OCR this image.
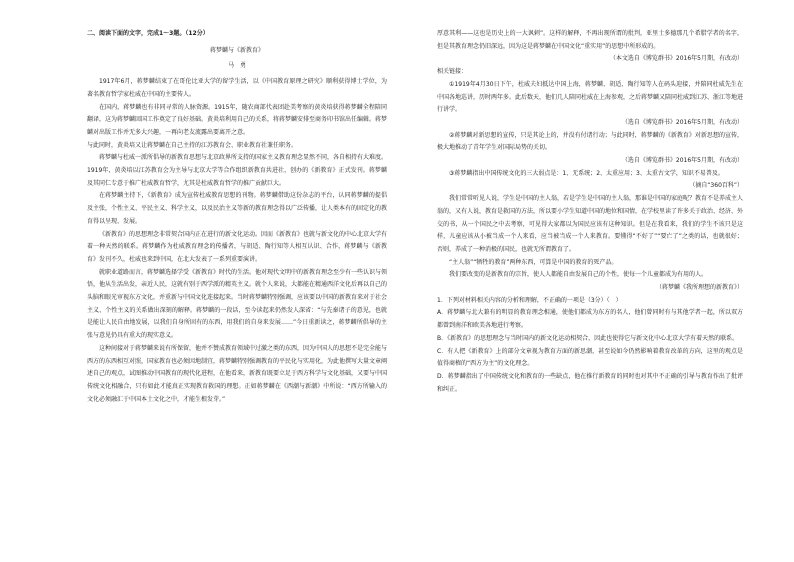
二、阅读下面的文字，完成1～3题。（12分）

蒋梦麟与《新教育》

马　勇

1917年6月，蒋梦麟结束了在哥伦比亚大学的留学生活，以《中国教育原理之研究》顺利获得博士学位，为著名教育哲学家杜威在中国的主要传人。

在国内，蒋梦麟也有非同寻常的人脉资源。1915年，随农商部代表团赴美考察的黄炎培获得蒋梦麟全程陪同翻译，这为蒋梦麟回国工作奠定了良好基础。黄炎培利用自己的关系，将蒋梦麟安排至商务印书馆出任编辑。蒋梦麟对出版工作并无多大兴趣，一再向老友流露出要离开之意。

与此同时，黄炎培又让蒋梦麟在自己主持的江苏教育会、职业教育社兼任职务。

蒋梦麟与杜威一派所倡导的新教育思想与北京政界所支持的国家主义教育理念显然不同，各自相持有大难度。1919年，黄炎培以江苏教育会为主导与北京大学等合作组织新教育共进社，创办的《新教育》正式发刊。蒋梦麟及其同仁专意于推广杜威教育哲学，尤其是杜威教育哲学的推广贡献巨大。

在蒋梦麟主持下，《新教育》成为宣传杜威教育思想的刊物。蒋梦麟借助这份杂志的平台，认同蒋梦麟的提倡及主张，个性主义、平民主义、科学主义，以及民治主义等新的教育理念得以广泛传播，让人类本有的固定化的教育得以呈现、发展。

《新教育》的思想理念非常契合国内正在进行的新文化运动。因而《新教育》也就与新文化的中心北京大学有着一种天然的联系。蒋梦麟作为杜威教育理念的传播者，与胡适、陶行知等人相互认识、合作，蒋梦麟与《新教育》发刊不久，杜威也来到中国，在北大发表了一系列重要演讲。

就职业道路而言，蒋梦麟选择学受《新教育》时代的生活。他对现代文明中的新教育理念至少有一些认识与领悟，他从生活出发，亲近人民，这就有别于西学派的精英主义。就个人来说，大都能在精通西洋文化后再以自己的头脑和眼光审视东方文化，并重新与中国文化连接起来。当时蒋梦麟特别强调，应该要以中国的新教育来对于社会主义、个性主义的关系做出深刻的解释。蒋梦麟的一段话，至今读起来仍然发人深省：“与先秦诸子的意见，也就是能让人民自由地发展，以我们自身所固有的东西，用我们的自身来发展……”今日重新读之，蒋梦麟所倡导的主张与意见仍具有重大的现实意义。

这种间接对于蒋梦麟来说有所保留，他并不赞成教育领域中过激之类的东西，因为中国人的思想不是完全能与西方的东西相互对照，国家教育也必须因地制宜，蒋梦麟特别强调教育的平民化与实用化，为此他撰写大量文章阐述自己的观点，试图推动中国教育的现代化进程，在他看来，新教育既要立足于西方科学与文化基础，又要与中国传统文化相融合，只有如此才能真正实现教育救国的理想。正如蒋梦麟在《西潮与新潮》中所说：“西方所输入的文化必须融汇于中国本土文化之中，才能生根发芽。”

厚意其利——这也是历史上的一大讽刺”。这样的解释，不再出现所谓的批判，亚里士多德那几个希腊学者的名字，但是其教育理念仍旧深远，因为这是蒋梦麟在中国文化“重实用”的思想中所形成的。

（本文选自《博览群书》2016年5月期，有改动）

相关链接：

①1919年4月30日下午，杜威夫妇抵达中国上海，蒋梦麟、胡适、陶行知等人在码头迎接，并陪同杜威先生在中国各地巡讲，历时两年多。此后数天，他们几人陪同杜威在上海参观，之后蒋梦麟又陪同杜威到江苏、浙江等地进行讲学。

（选自《博览群书》2016年5月期，有改动）

②蒋梦麟对新思想的宣传，只是其论上的，并没有付诸行动；与此同时，蒋梦麟的《新教育》对新思想的宣传，极大地推动了青年学生对国际局势的关切。

（选自《博览群书》2016年5月期，有改动）

③蒋梦麟指出中国传统文化的三大弱点是：1、无系统；2、太重应用；3、太重古文学，知识不易普及。

（摘自“360百科”）

我们常常听见人说，学生是中国的主人翁，若是学生是中国的主人翁，那谁是中国的家庭呢？教育不是养成主人翁的，又有人说，教育是救国的方法，所以要小学生知道中国的地位和国情，在学校里读了许多关于政治、经济、外交的书，从一个国民之中去考察，可见得大家都以为国民应该有这种知识。但是在我看来，我们的学生不该只是这样，儿童应该从小被当成一个人来看，应当被当成一个人来教育。要懂得“不好了”“要亡了”之类的话，也就很好；否则，养成了一种消极的国民，也就无所谓教育了。

“主人翁”“牺牲的教育”两种东西，可算是中国的教育的死产品。

我们要改变的是新教育的宗旨，使人人都能自由发展自己的个性，使每一个儿童都成为有用的人。

（蒋梦麟《我所理想的新教育》）

1．下列对材料相关内容的分析和理解，不正确的一项是（3分）（　）

A．蒋梦麟与北大兼有的明显的教育理念相通，使他们都成为东方的名人，他们曾同时有与其他学者一起，所以双方都曾到南洋和欧美各地进行考察。

B．《新教育》的思想理念与当时国内的新文化运动相契合，因此也使得它与新文化中心北京大学有着天然的联系。

C．有人把《新教育》上的部分文章视为教育方面的新思潮，甚至说如今仍然影响着教育改革的方向，这里的观点是值得商榷的“西方为主”的文化理念。

D．蒋梦麟指出了中国传统文化和教育的一些缺点，他在推行新教育的同时也对其中不正确的引导与教育作出了批评和纠正。
